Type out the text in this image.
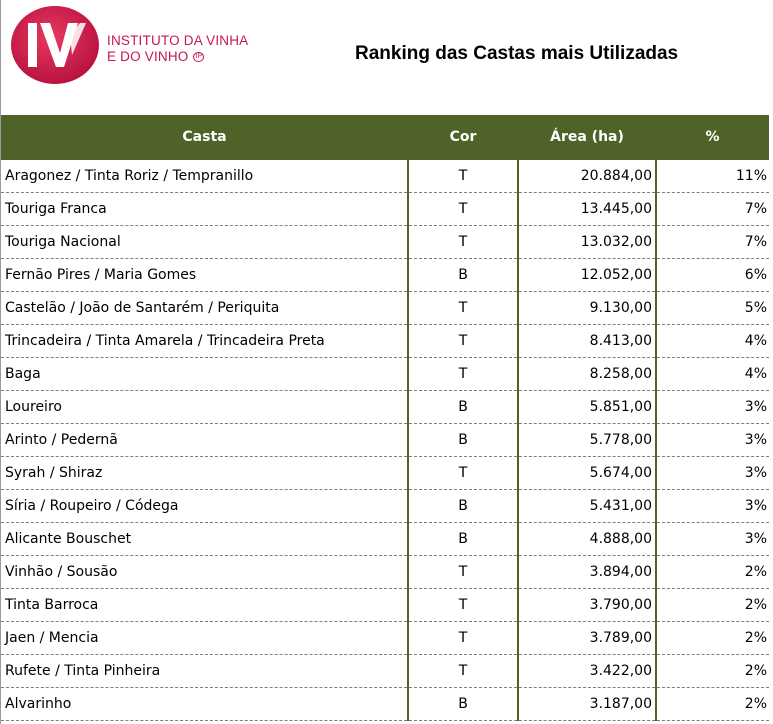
INSTITUTO DA VINHA
E DO VINHO IP	Ranking das Castas mais Utilizadas
Casta	Cor	Área (ha)	%
Aragonez / Tinta Roriz / Tempranillo	T	20.884,00	11%
Touriga Franca	T	13.445,00	7%
Touriga Nacional	T	13.032,00	7%
Fernão Pires / Maria Gomes	B	12.052,00	6%
Castelão / João de Santarém / Periquita	T	9.130,00	5%
Trincadeira / Tinta Amarela / Trincadeira Preta	T	8.413,00	4%
Baga	T	8.258,00	4%
Loureiro	B	5.851,00	3%
Arinto / Pedernã	B	5.778,00	3%
Syrah / Shiraz	T	5.674,00	3%
Síria / Roupeiro / Códega	B	5.431,00	3%
Alicante Bouschet	B	4.888,00	3%
Vinhão / Sousão	T	3.894,00	2%
Tinta Barroca	T	3.790,00	2%
Jaen / Mencia	T	3.789,00	2%
Rufete / Tinta Pinheira	T	3.422,00	2%
Alvarinho	B	3.187,00	2%
